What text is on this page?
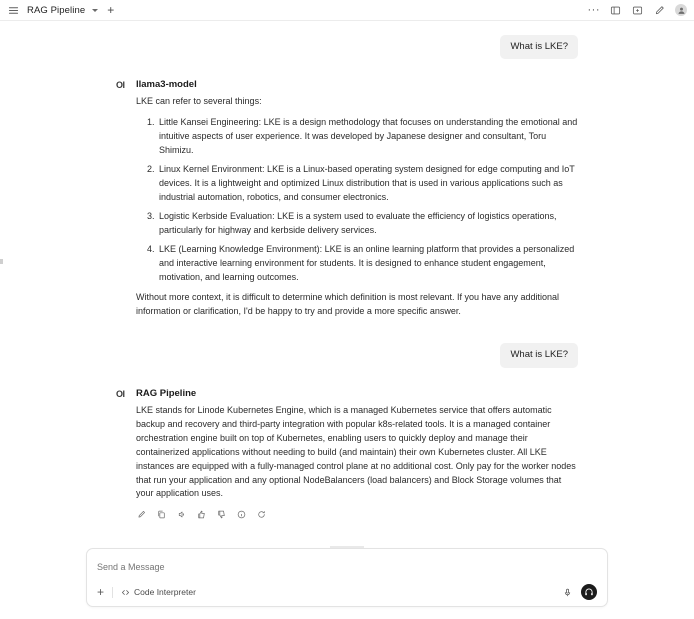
RAG Pipeline +	···
What is LKE?
OI llama3-model

LKE can refer to several things:

1. Little Kansei Engineering: LKE is a design methodology that focuses on understanding the emotional and intuitive aspects of user experience. It was developed by Japanese designer and consultant, Toru Shimizu.
2. Linux Kernel Environment: LKE is a Linux-based operating system designed for edge computing and IoT devices. It is a lightweight and optimized Linux distribution that is used in various applications such as industrial automation, robotics, and consumer electronics.
3. Logistic Kerbside Evaluation: LKE is a system used to evaluate the efficiency of logistics operations, particularly for highway and kerbside delivery services.
4. LKE (Learning Knowledge Environment): LKE is an online learning platform that provides a personalized and interactive learning environment for students. It is designed to enhance student engagement, motivation, and learning outcomes.

Without more context, it is difficult to determine which definition is most relevant. If you have any additional information or clarification, I'd be happy to try and provide a more specific answer.

What is LKE?
OI RAG Pipeline

LKE stands for Linode Kubernetes Engine, which is a managed Kubernetes service that offers automatic backup and recovery and third-party integration with popular k8s-related tools. It is a managed container orchestration engine built on top of Kubernetes, enabling users to quickly deploy and manage their containerized applications without needing to build (and maintain) their own Kubernetes cluster. All LKE instances are equipped with a fully-managed control plane at no additional cost. Only pay for the worker nodes that run your application and any optional NodeBalancers (load balancers) and Block Storage volumes that your application uses.

Send a Message
+	Code Interpreter
